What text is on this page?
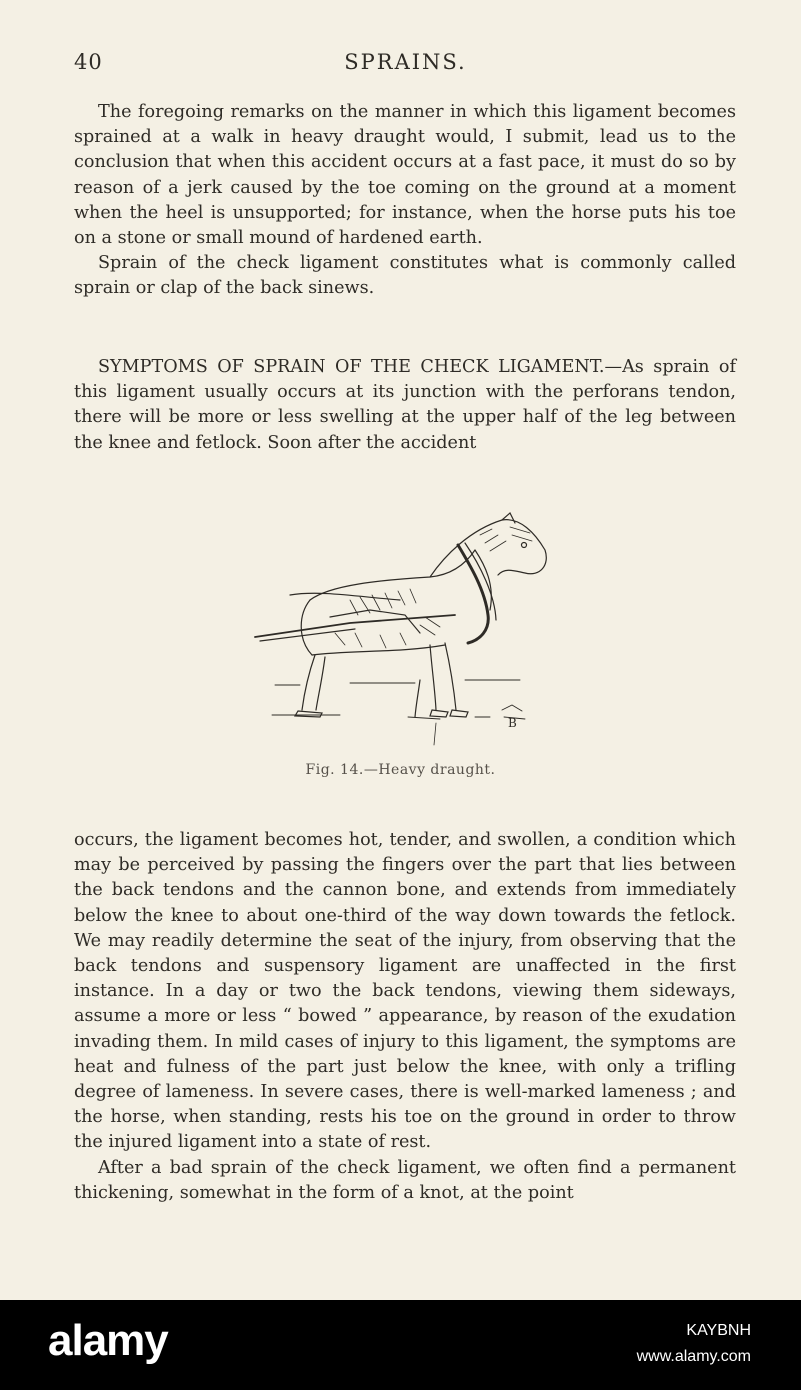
40	SPRAINS.

The foregoing remarks on the manner in which this ligament becomes sprained at a walk in heavy draught would, I submit, lead us to the conclusion that when this accident occurs at a fast pace, it must do so by reason of a jerk caused by the toe coming on the ground at a moment when the heel is unsupported; for instance, when the horse puts his toe on a stone or small mound of hardened earth.

Sprain of the check ligament constitutes what is commonly called sprain or clap of the back sinews.

SYMPTOMS OF SPRAIN OF THE CHECK LIGAMENT.—As sprain of this ligament usually occurs at its junction with the perforans tendon, there will be more or less swelling at the upper half of the leg between the knee and fetlock. Soon after the accident

B
Fig. 14.—Heavy draught.

occurs, the ligament becomes hot, tender, and swollen, a condition which may be perceived by passing the fingers over the part that lies between the back tendons and the cannon bone, and extends from immediately below the knee to about one-third of the way down towards the fetlock. We may readily determine the seat of the injury, from observing that the back tendons and suspensory ligament are unaffected in the first instance. In a day or two the back tendons, viewing them sideways, assume a more or less “ bowed ” appearance, by reason of the exudation invading them. In mild cases of injury to this ligament, the symptoms are heat and fulness of the part just below the knee, with only a trifling degree of lameness. In severe cases, there is well-marked lameness ; and the horse, when standing, rests his toe on the ground in order to throw the injured ligament into a state of rest.

After a bad sprain of the check ligament, we often find a permanent thickening, somewhat in the form of a knot, at the point

alamy	KAYBNH
www.alamy.com
